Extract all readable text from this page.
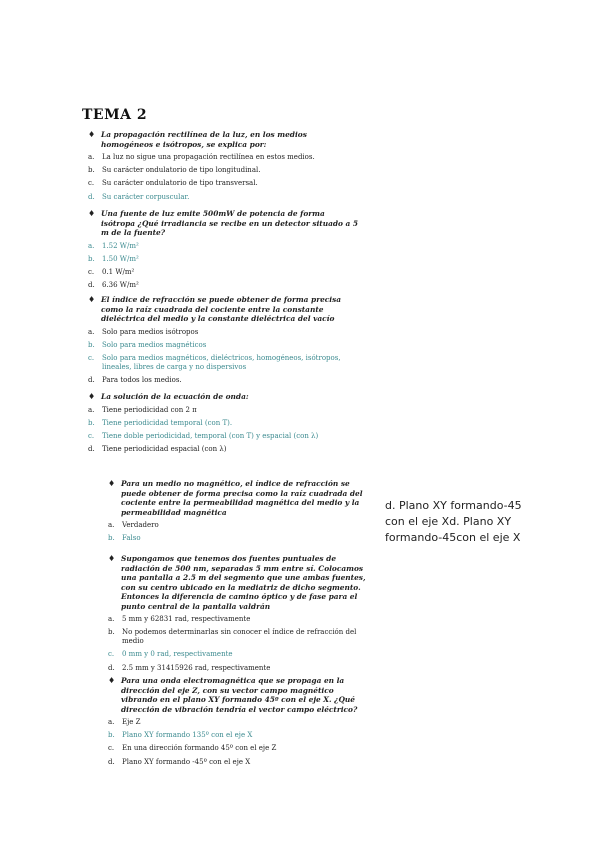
TEMA 2
♦ La propagación rectilínea de la luz, en los medios homogéneos e isótropos, se explica por:
a. La luz no sigue una propagación rectilínea en estos medios.
b. Su carácter ondulatorio de tipo longitudinal.
c. Su carácter ondulatorio de tipo transversal.
d. Su carácter corpuscular.
♦ Una fuente de luz emite 500mW de potencia de forma isótropa ¿Qué irradiancia se recibe en un detector situado a 5 m de la fuente?
a. 1.52 W/m²
b. 1.50 W/m²
c. 0.1 W/m²
d. 6.36 W/m²
♦ El índice de refracción se puede obtener de forma precisa como la raíz cuadrada del cociente entre la constante dieléctrica del medio y la constante dieléctrica del vacío
a. Solo para medios isótropos
b. Solo para medios magnéticos
c. Solo para medios magnéticos, dieléctricos, homogéneos, isótropos, lineales, libres de carga y no dispersivos
d. Para todos los medios.
♦ La solución de la ecuación de onda:
a. Tiene periodicidad con 2 π
b. Tiene periodicidad temporal (con T).
c. Tiene doble periodicidad, temporal (con T) y espacial (con λ)
d. Tiene periodicidad espacial (con λ)
♦ Para un medio no magnético, el índice de refracción se puede obtener de forma precisa como la raíz cuadrada del cociente entre la permeabilidad magnética del medio y la permeabilidad magnética
a. Verdadero
b. Falso
♦ Supongamos que tenemos dos fuentes puntuales de radiación de 500 nm, separadas 5 mm entre sí. Colocamos una pantalla a 2.5 m del segmento que une ambas fuentes, con su centro ubicado en la mediatriz de dicho segmento. Entonces la diferencia de camino óptico y de fase para el punto central de la pantalla valdrán
a. 5 mm y 62831 rad, respectivamente
b. No podemos determinarlas sin conocer el índice de refracción del medio
c. 0 mm y 0 rad, respectivamente
d. 2.5 mm y 31415926 rad, respectivamente
♦ Para una onda electromagnética que se propaga en la dirección del eje Z, con su vector campo magnético vibrando en el plano XY formando 45º con el eje X. ¿Qué dirección de vibración tendría el vector campo eléctrico?
a. Eje Z
b. Plano XY formando 135º con el eje X
c. En una dirección formando 45º con el eje Z
d. Plano XY formando -45º con el eje X
d. Plano XY formando-45 con el eje Xd. Plano XY formando-45con el eje X
